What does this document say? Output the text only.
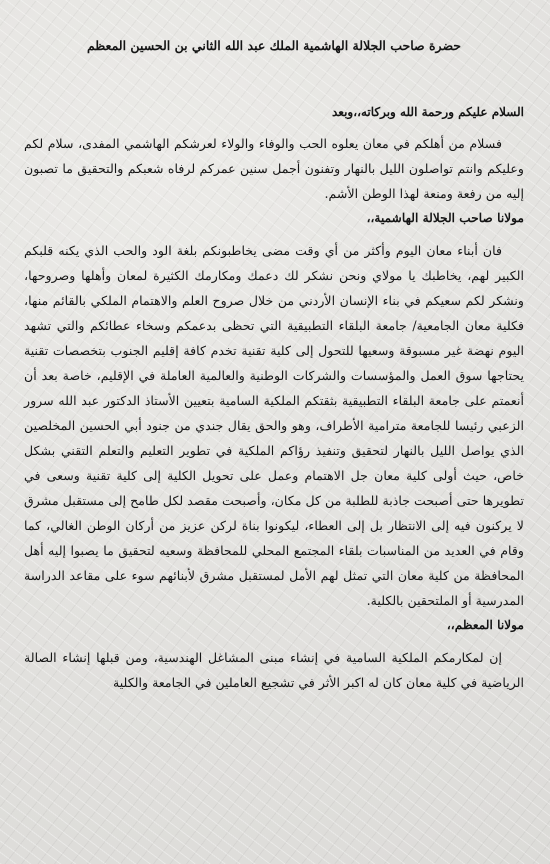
حضرة صاحب الجلالة الهاشمية الملك عبد الله الثاني بن الحسين المعظم
السلام عليكم ورحمة الله وبركاته،،وبعد

فسلام من أهلكم في معان يعلوه الحب والوفاء والولاء لعرشكم الهاشمي المفدى، سلام لكم وعليكم وانتم تواصلون الليل بالنهار وتفنون أجمل سنين عمركم لرفاه شعبكم والتحقيق ما تصبون إليه من رفعة ومنعة لهذا الوطن الأشم.

مولانا صاحب الجلالة الهاشمية،،

فان أبناء معان اليوم وأكثر من أي وقت مضى يخاطبونكم بلغة الود والحب الذي يكنه قلبكم الكبير لهم، يخاطبك يا مولاي ونحن نشكر لك دعمك ومكارمك الكثيرة لمعان وأهلها وصروحها، ونشكر لكم سعيكم في بناء الإنسان الأردني من خلال صروح العلم والاهتمام الملكي بالقائم منها، فكلية معان الجامعية/ جامعة البلقاء التطبيقية التي تحظى بدعمكم وسخاء عطائكم والتي تشهد اليوم نهضة غير مسبوقة وسعيها للتحول إلى كلية تقنية تخدم كافة إقليم الجنوب بتخصصات تقنية يحتاجها سوق العمل والمؤسسات والشركات الوطنية والعالمية العاملة في الإقليم، خاصة بعد أن أنعمتم على جامعة البلقاء التطبيقية بثقتكم الملكية السامية بتعيين الأستاذ الدكتور عبد الله سرور الزعبي رئيسا للجامعة مترامية الأطراف، وهو والحق يقال جندي من جنود أبي الحسين المخلصين الذي يواصل الليل بالنهار لتحقيق وتنفيذ رؤاكم الملكية في تطوير التعليم والتعلم التقني بشكل خاص، حيث أولى كلية معان جل الاهتمام وعمل على تحويل الكلية إلى كلية تقنية وسعى في تطويرها حتى أصبحت جاذبة للطلبة من كل مكان، وأصبحت مقصد لكل طامح إلى مستقبل مشرق لا يركنون فيه إلى الانتظار بل إلى العطاء، ليكونوا بناة لركن عزيز من أركان الوطن الغالي، كما وقام في العديد من المناسبات بلقاء المجتمع المحلي للمحافظة وسعيه لتحقيق ما يصبوا إليه أهل المحافظة من كلية معان التي تمثل لهم الأمل لمستقبل مشرق لأبنائهم سوء على مقاعد الدراسة المدرسية أو الملتحقين بالكلية.

مولانا المعظم،،

إن لمكارمكم الملكية السامية في إنشاء مبنى المشاغل الهندسية، ومن قبلها إنشاء الصالة الرياضية في كلية معان كان له اكبر الأثر في تشجيع العاملين في الجامعة والكلية
